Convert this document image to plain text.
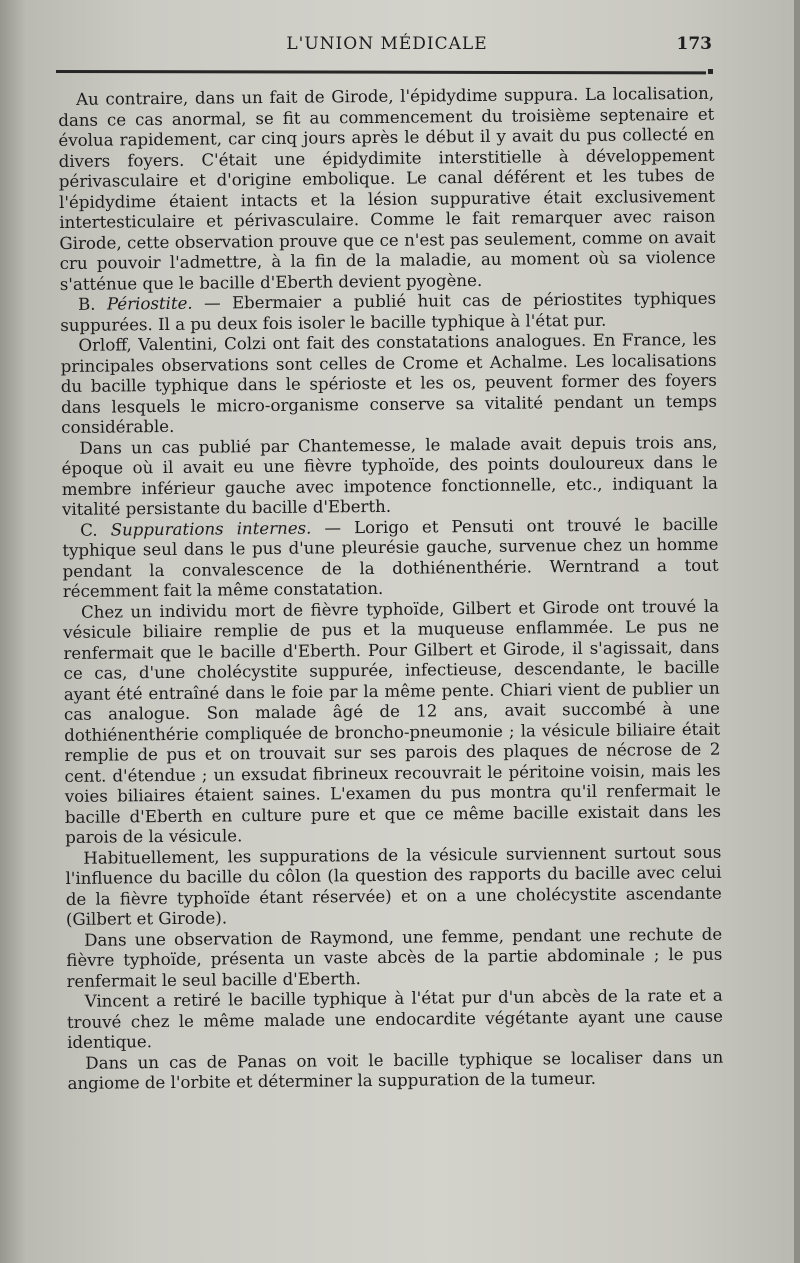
L'UNION MÉDICALE	173

Au contraire, dans un fait de Girode, l'épidydime suppura. La localisation, dans ce cas anormal, se fit au commencement du troisième septenaire et évolua rapidement, car cinq jours après le début il y avait du pus collecté en divers foyers. C'était une épidydimite interstitielle à développement périvasculaire et d'origine embolique. Le canal déférent et les tubes de l'épidydime étaient intacts et la lésion suppurative était exclusivement intertesticulaire et périvasculaire. Comme le fait remarquer avec raison Girode, cette observation prouve que ce n'est pas seulement, comme on avait cru pouvoir l'admettre, à la fin de la maladie, au moment où sa violence s'atténue que le bacille d'Eberth devient pyogène.

B. Périostite. — Ebermaier a publié huit cas de périostites typhiques suppurées. Il a pu deux fois isoler le bacille typhique à l'état pur.

Orloff, Valentini, Colzi ont fait des constatations analogues. En France, les principales observations sont celles de Crome et Achalme. Les localisations du bacille typhique dans le spérioste et les os, peuvent former des foyers dans lesquels le micro-organisme conserve sa vitalité pendant un temps considérable.

Dans un cas publié par Chantemesse, le malade avait depuis trois ans, époque où il avait eu une fièvre typhoïde, des points douloureux dans le membre inférieur gauche avec impotence fonctionnelle, etc., indiquant la vitalité persistante du bacille d'Eberth.

C. Suppurations internes. — Lorigo et Pensuti ont trouvé le bacille typhique seul dans le pus d'une pleurésie gauche, survenue chez un homme pendant la convalescence de la dothiénenthérie. Werntrand a tout récemment fait la même constatation.

Chez un individu mort de fièvre typhoïde, Gilbert et Girode ont trouvé la vésicule biliaire remplie de pus et la muqueuse enflammée. Le pus ne renfermait que le bacille d'Eberth. Pour Gilbert et Girode, il s'agissait, dans ce cas, d'une cholécystite suppurée, infectieuse, descendante, le bacille ayant été entraîné dans le foie par la même pente. Chiari vient de publier un cas analogue. Son malade âgé de 12 ans, avait succombé à une dothiénenthérie compliquée de broncho-pneumonie ; la vésicule biliaire était remplie de pus et on trouvait sur ses parois des plaques de nécrose de 2 cent. d'étendue ; un exsudat fibrineux recouvrait le péritoine voisin, mais les voies biliaires étaient saines. L'examen du pus montra qu'il renfermait le bacille d'Eberth en culture pure et que ce même bacille existait dans les parois de la vésicule.

Habituellement, les suppurations de la vésicule surviennent surtout sous l'influence du bacille du côlon (la question des rapports du bacille avec celui de la fièvre typhoïde étant réservée) et on a une cholécystite ascendante (Gilbert et Girode).

Dans une observation de Raymond, une femme, pendant une rechute de fièvre typhoïde, présenta un vaste abcès de la partie abdominale ; le pus renfermait le seul bacille d'Eberth.

Vincent a retiré le bacille typhique à l'état pur d'un abcès de la rate et a trouvé chez le même malade une endocardite végétante ayant une cause identique.

Dans un cas de Panas on voit le bacille typhique se localiser dans un angiome de l'orbite et déterminer la suppuration de la tumeur.
